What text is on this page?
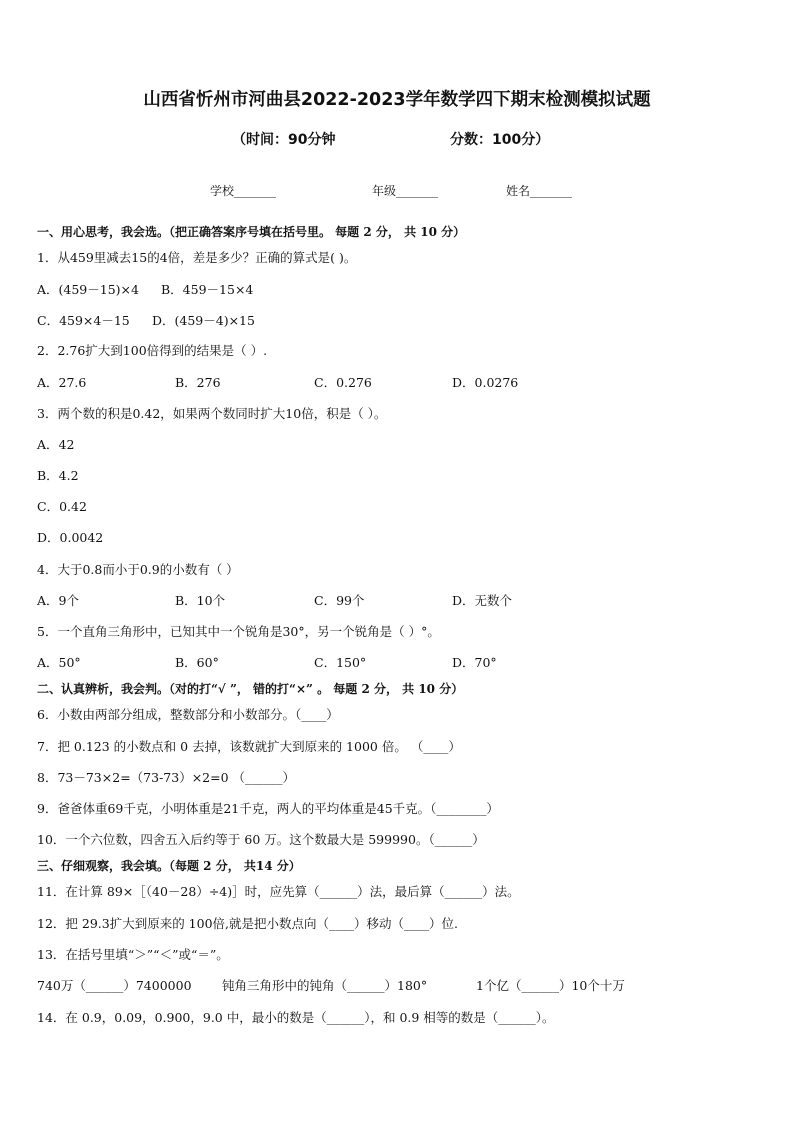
山西省忻州市河曲县2022-2023学年数学四下期末检测模拟试题
（时间：90分钟	分数：100分）
学校_______	年级_______	姓名_______
一、用心思考，我会选。（把正确答案序号填在括号里。 每题 2 分， 共 10 分）
1．从459里减去15的4倍，差是多少？正确的算式是( )。
A．(459－15)×4 B．459－15×4
C．459×4－15 D．(459－4)×15
2．2.76扩大到100倍得到的结果是（ ）.
A．27.6	B．276	C．0.276	D．0.0276
3．两个数的积是0.42，如果两个数同时扩大10倍，积是（ ）。
A．42
B．4.2
C．0.42
D．0.0042
4．大于0.8而小于0.9的小数有（ ）
A．9个	B．10个	C．99个	D．无数个
5．一个直角三角形中，已知其中一个锐角是30°，另一个锐角是（ ）°。
A．50°	B．60°	C．150°	D．70°
二、认真辨析，我会判。（对的打“√ ”， 错的打“×” 。 每题 2 分， 共 10 分）
6．小数由两部分组成，整数部分和小数部分。（____）
7．把 0.123 的小数点和 0 去掉，该数就扩大到原来的 1000 倍。 （____）
8．73－73×2=（73-73）×2=0 （______）
9．爸爸体重69千克，小明体重是21千克，两人的平均体重是45千克。（________）
10．一个六位数，四舍五入后约等于 60 万。这个数最大是 599990。（______）
三、仔细观察，我会填。（每题 2 分， 共14 分）
11．在计算 89×［（40－28）÷4)］时，应先算（______）法，最后算（______）法。
12．把 29.3扩大到原来的 100倍,就是把小数点向（____）移动（____）位.
13．在括号里填“＞”“＜”或“＝”。
740万（______）7400000 钝角三角形中的钝角（______）180°	1个亿（______）10个十万
14．在 0.9，0.09，0.900，9.0 中，最小的数是（______），和 0.9 相等的数是（______）。
